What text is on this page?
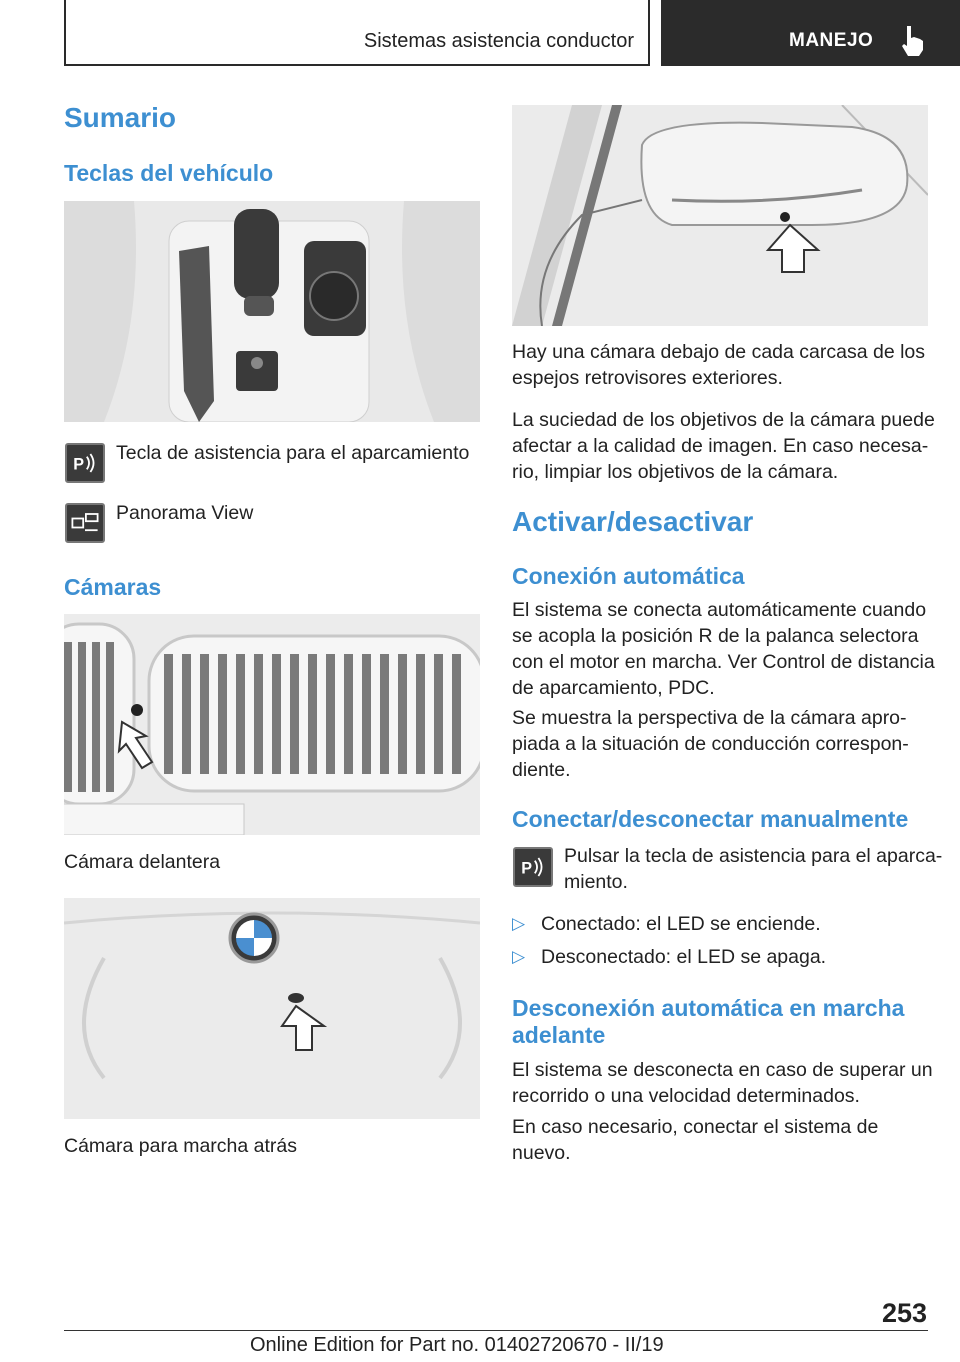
Sistemas asistencia conductor	MANEJO
Sumario
Teclas del vehículo
P
Tecla de asistencia para el aparcamiento
Panorama View
Cámaras
Cámara delantera
Cámara para marcha atrás
Hay una cámara debajo de cada carcasa de los
espejos retrovisores exteriores.
La suciedad de los objetivos de la cámara puede
afectar a la calidad de imagen. En caso necesa-
rio, limpiar los objetivos de la cámara.
Activar/desactivar
Conexión automática
El sistema se conecta automáticamente cuando
se acopla la posición R de la palanca selectora
con el motor en marcha. Ver Control de distancia
de aparcamiento, PDC.
Se muestra la perspectiva de la cámara apro-
piada a la situación de conducción correspon-
diente.
Conectar/desconectar manualmente
P
Pulsar la tecla de asistencia para el aparca-
miento.
▷ Conectado: el LED se enciende.
▷ Desconectado: el LED se apaga.
Desconexión automática en marcha
adelante
El sistema se desconecta en caso de superar un
recorrido o una velocidad determinados.
En caso necesario, conectar el sistema de
nuevo.
253
Online Edition for Part no. 01402720670 - II/19
